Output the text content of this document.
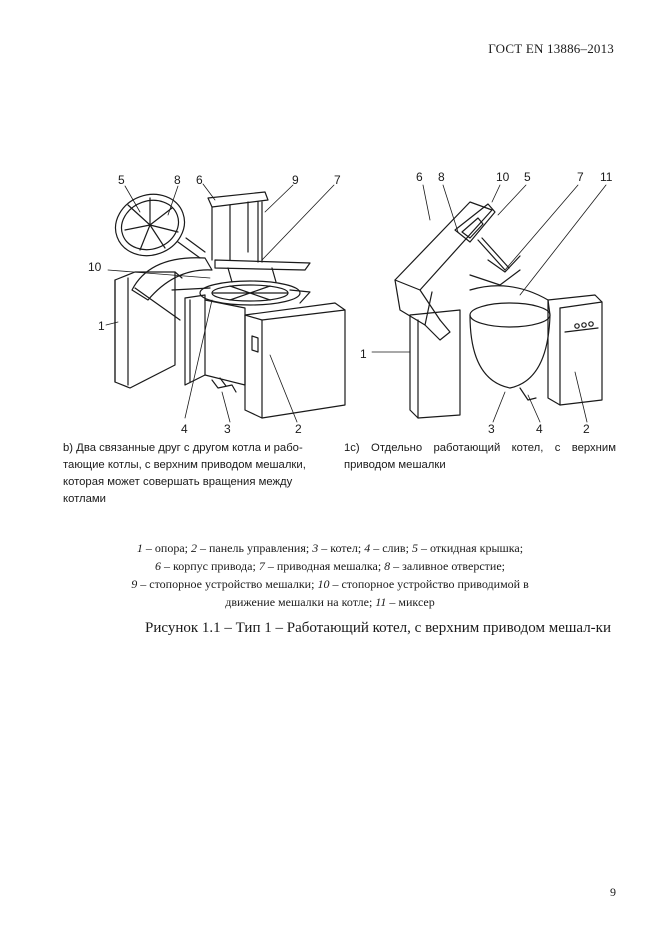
ГОСТ EN 13886–2013
5	8 6	9	7
10
1
4	3	2
6 8	10 5	7 11
1
3	4	2
b) Два связанные друг с другом котла и рабо-тающие котлы, с верхним приводом мешалки, которая может совершать вращения между котлами
1с) Отдельно работающий котел, с верхним приводом мешалки
1 – опора; 2 – панель управления; 3 – котел; 4 – слив; 5 – откидная крышка;
6 – корпус привода; 7 – приводная мешалка; 8 – заливное отверстие;
9 – стопорное устройство мешалки; 10 – стопорное устройство приводимой в движение мешалки на котле; 11 – миксер
Рисунок 1.1 – Тип 1 – Работающий котел, с верхним приводом мешал-ки
9
